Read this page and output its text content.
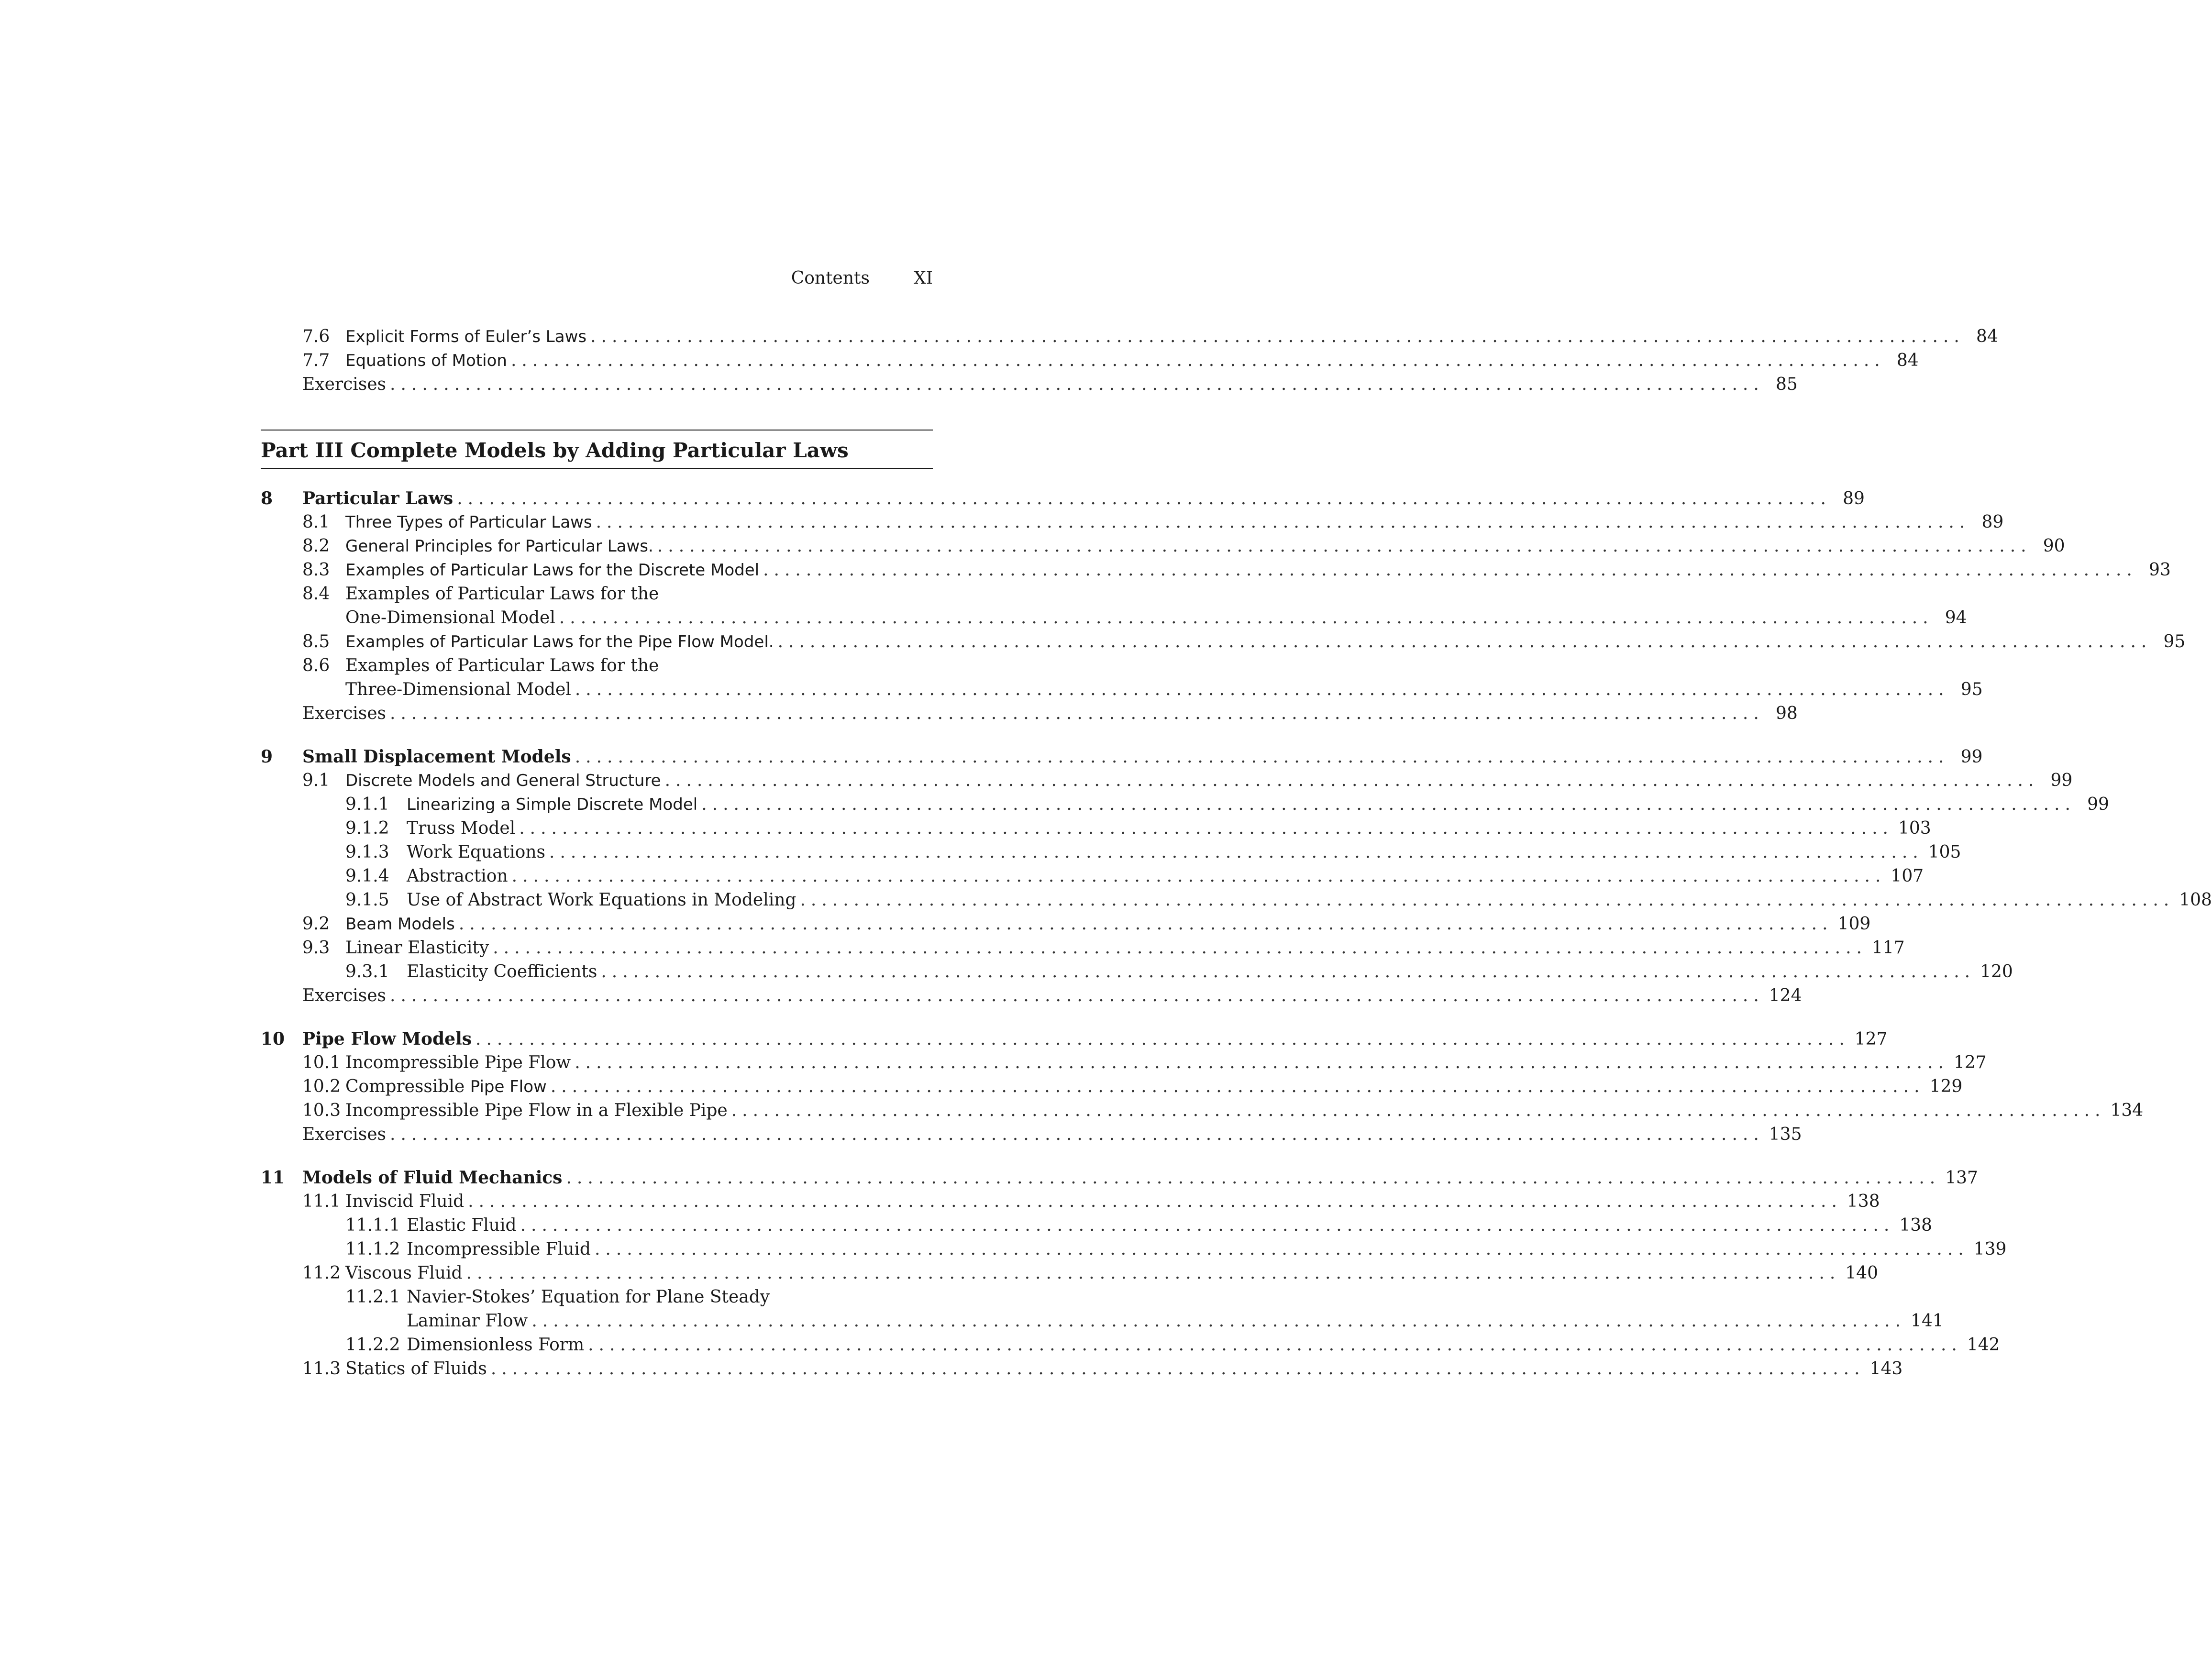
Contents	XI
7.6 Explicit Forms of Euler’s Laws ................................................................................................................................ 84
7.7 Equations of Motion ................................................................................................................................ 84
Exercises ................................................................................................................................ 85
Part III Complete Models by Adding Particular Laws
8 Particular Laws ................................................................................................................................ 89
8.1 Three Types of Particular Laws ................................................................................................................................ 89
8.2 General Principles for Particular Laws. ................................................................................................................................ 90
8.3 Examples of Particular Laws for the Discrete Model ................................................................................................................................ 93
8.4 Examples of Particular Laws for the
One-Dimensional Model ................................................................................................................................ 94
8.5 Examples of Particular Laws for the Pipe Flow Model. ................................................................................................................................ 95
8.6 Examples of Particular Laws for the
Three-Dimensional Model ................................................................................................................................ 95
Exercises ................................................................................................................................ 98
9 Small Displacement Models ................................................................................................................................ 99
9.1 Discrete Models and General Structure ................................................................................................................................ 99
9.1.1 Linearizing a Simple Discrete Model ................................................................................................................................ 99
9.1.2 Truss Model ................................................................................................................................ 103
9.1.3 Work Equations ................................................................................................................................ 105
9.1.4 Abstraction ................................................................................................................................ 107
9.1.5 Use of Abstract Work Equations in Modeling ................................................................................................................................ 108
9.2 Beam Models ................................................................................................................................ 109
9.3 Linear Elasticity ................................................................................................................................ 117
9.3.1 Elasticity Coefficients ................................................................................................................................ 120
Exercises ................................................................................................................................ 124
10 Pipe Flow Models ................................................................................................................................ 127
10.1 Incompressible Pipe Flow ................................................................................................................................ 127
10.2 Compressible Pipe Flow ................................................................................................................................ 129
10.3 Incompressible Pipe Flow in a Flexible Pipe ................................................................................................................................ 134
Exercises ................................................................................................................................ 135
11 Models of Fluid Mechanics ................................................................................................................................ 137
11.1 Inviscid Fluid ................................................................................................................................ 138
11.1.1 Elastic Fluid ................................................................................................................................ 138
11.1.2 Incompressible Fluid ................................................................................................................................ 139
11.2 Viscous Fluid ................................................................................................................................ 140
11.2.1 Navier-Stokes’ Equation for Plane Steady
Laminar Flow ................................................................................................................................ 141
11.2.2 Dimensionless Form ................................................................................................................................ 142
11.3 Statics of Fluids ................................................................................................................................ 143
